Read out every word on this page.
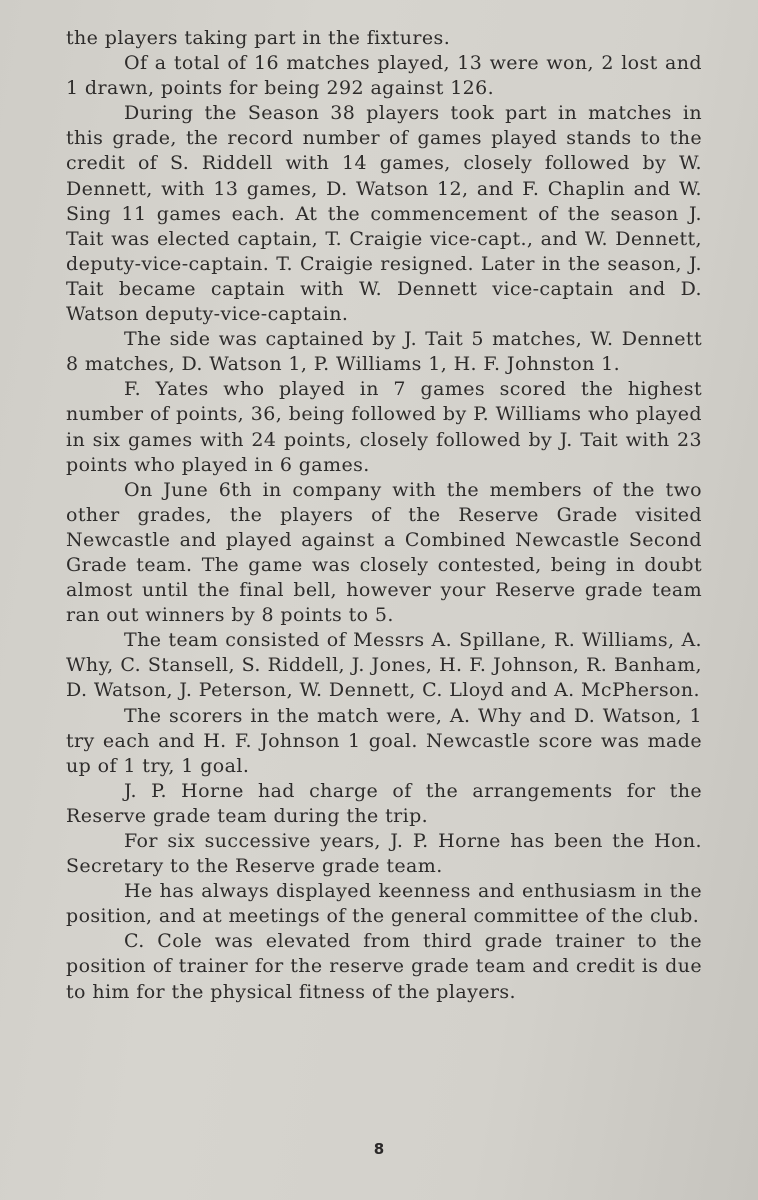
the players taking part in the fixtures.

Of a total of 16 matches played, 13 were won, 2 lost and 1 drawn, points for being 292 against 126.

During the Season 38 players took part in matches in this grade, the record number of games played stands to the credit of S. Riddell with 14 games, closely followed by W. Dennett, with 13 games, D. Watson 12, and F. Chaplin and W. Sing 11 games each. At the commencement of the season J. Tait was elected captain, T. Craigie vice-capt., and W. Dennett, deputy-vice-captain. T. Craigie resigned. Later in the season, J. Tait became captain with W. Dennett vice-captain and D. Watson deputy-vice-captain.

The side was captained by J. Tait 5 matches, W. Dennett 8 matches, D. Watson 1, P. Williams 1, H. F. Johnston 1.

F. Yates who played in 7 games scored the highest number of points, 36, being followed by P. Williams who played in six games with 24 points, closely followed by J. Tait with 23 points who played in 6 games.

On June 6th in company with the members of the two other grades, the players of the Reserve Grade visited Newcastle and played against a Combined Newcastle Second Grade team. The game was closely contested, being in doubt almost until the final bell, however your Reserve grade team ran out winners by 8 points to 5.

The team consisted of Messrs A. Spillane, R. Williams, A. Why, C. Stansell, S. Riddell, J. Jones, H. F. Johnson, R. Banham, D. Watson, J. Peterson, W. Dennett, C. Lloyd and A. McPherson.

The scorers in the match were, A. Why and D. Watson, 1 try each and H. F. Johnson 1 goal. Newcastle score was made up of 1 try, 1 goal.

J. P. Horne had charge of the arrangements for the Reserve grade team during the trip.

For six successive years, J. P. Horne has been the Hon. Secretary to the Reserve grade team.

He has always displayed keenness and enthusiasm in the position, and at meetings of the general committee of the club.

C. Cole was elevated from third grade trainer to the position of trainer for the reserve grade team and credit is due to him for the physical fitness of the players.

8
